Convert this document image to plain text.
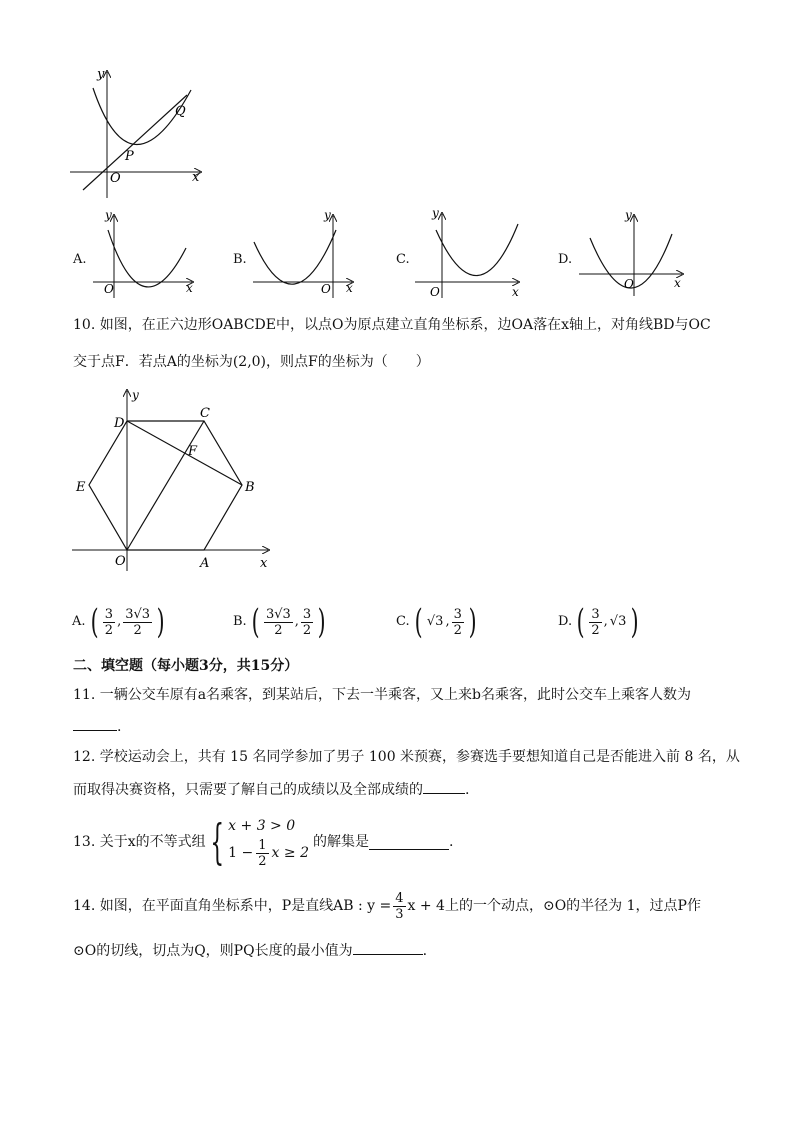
y
x
O
P
Q
A.
y
x
O
B.
y
x
O
C.
y
x
O
D.
y
x
O
10. 如图，在正六边形OABCDE中，以点O为原点建立直角坐标系，边OA落在x轴上，对角线BD与OC
交于点F．若点A的坐标为(2,0)，则点F的坐标为（　　）
y
x
O	A
B
C
D
E
F
A. ( $\frac{3}{2}$ , $\frac{3√3}{2}$ )	B. ( $\frac{3√3}{2}$ , $\frac{3}{2}$ )	C. ( √3 , $\frac{3}{2}$ )	D. ( $\frac{3}{2}$ , √3 )
二、填空题（每小题3分，共15分）
11. 一辆公交车原有a名乘客，到某站后，下去一半乘客，又上来b名乘客，此时公交车上乘客人数为
.
12. 学校运动会上，共有 15 名同学参加了男子 100 米预赛，参赛选手要想知道自己是否能进入前 8 名，从
而取得决赛资格，只需要了解自己的成绩以及全部成绩的	.
13. 关于x的不等式组 { x + 3 > 0
$1 - \frac{1}{2}$ x ≥ 2
的解集是	.
14. 如图，在平面直角坐标系中，P是直线AB : $y = \frac{4}{3}$ x + 4上的一个动点，⊙O的半径为 1，过点P作
⊙O的切线，切点为Q，则PQ长度的最小值为	.
